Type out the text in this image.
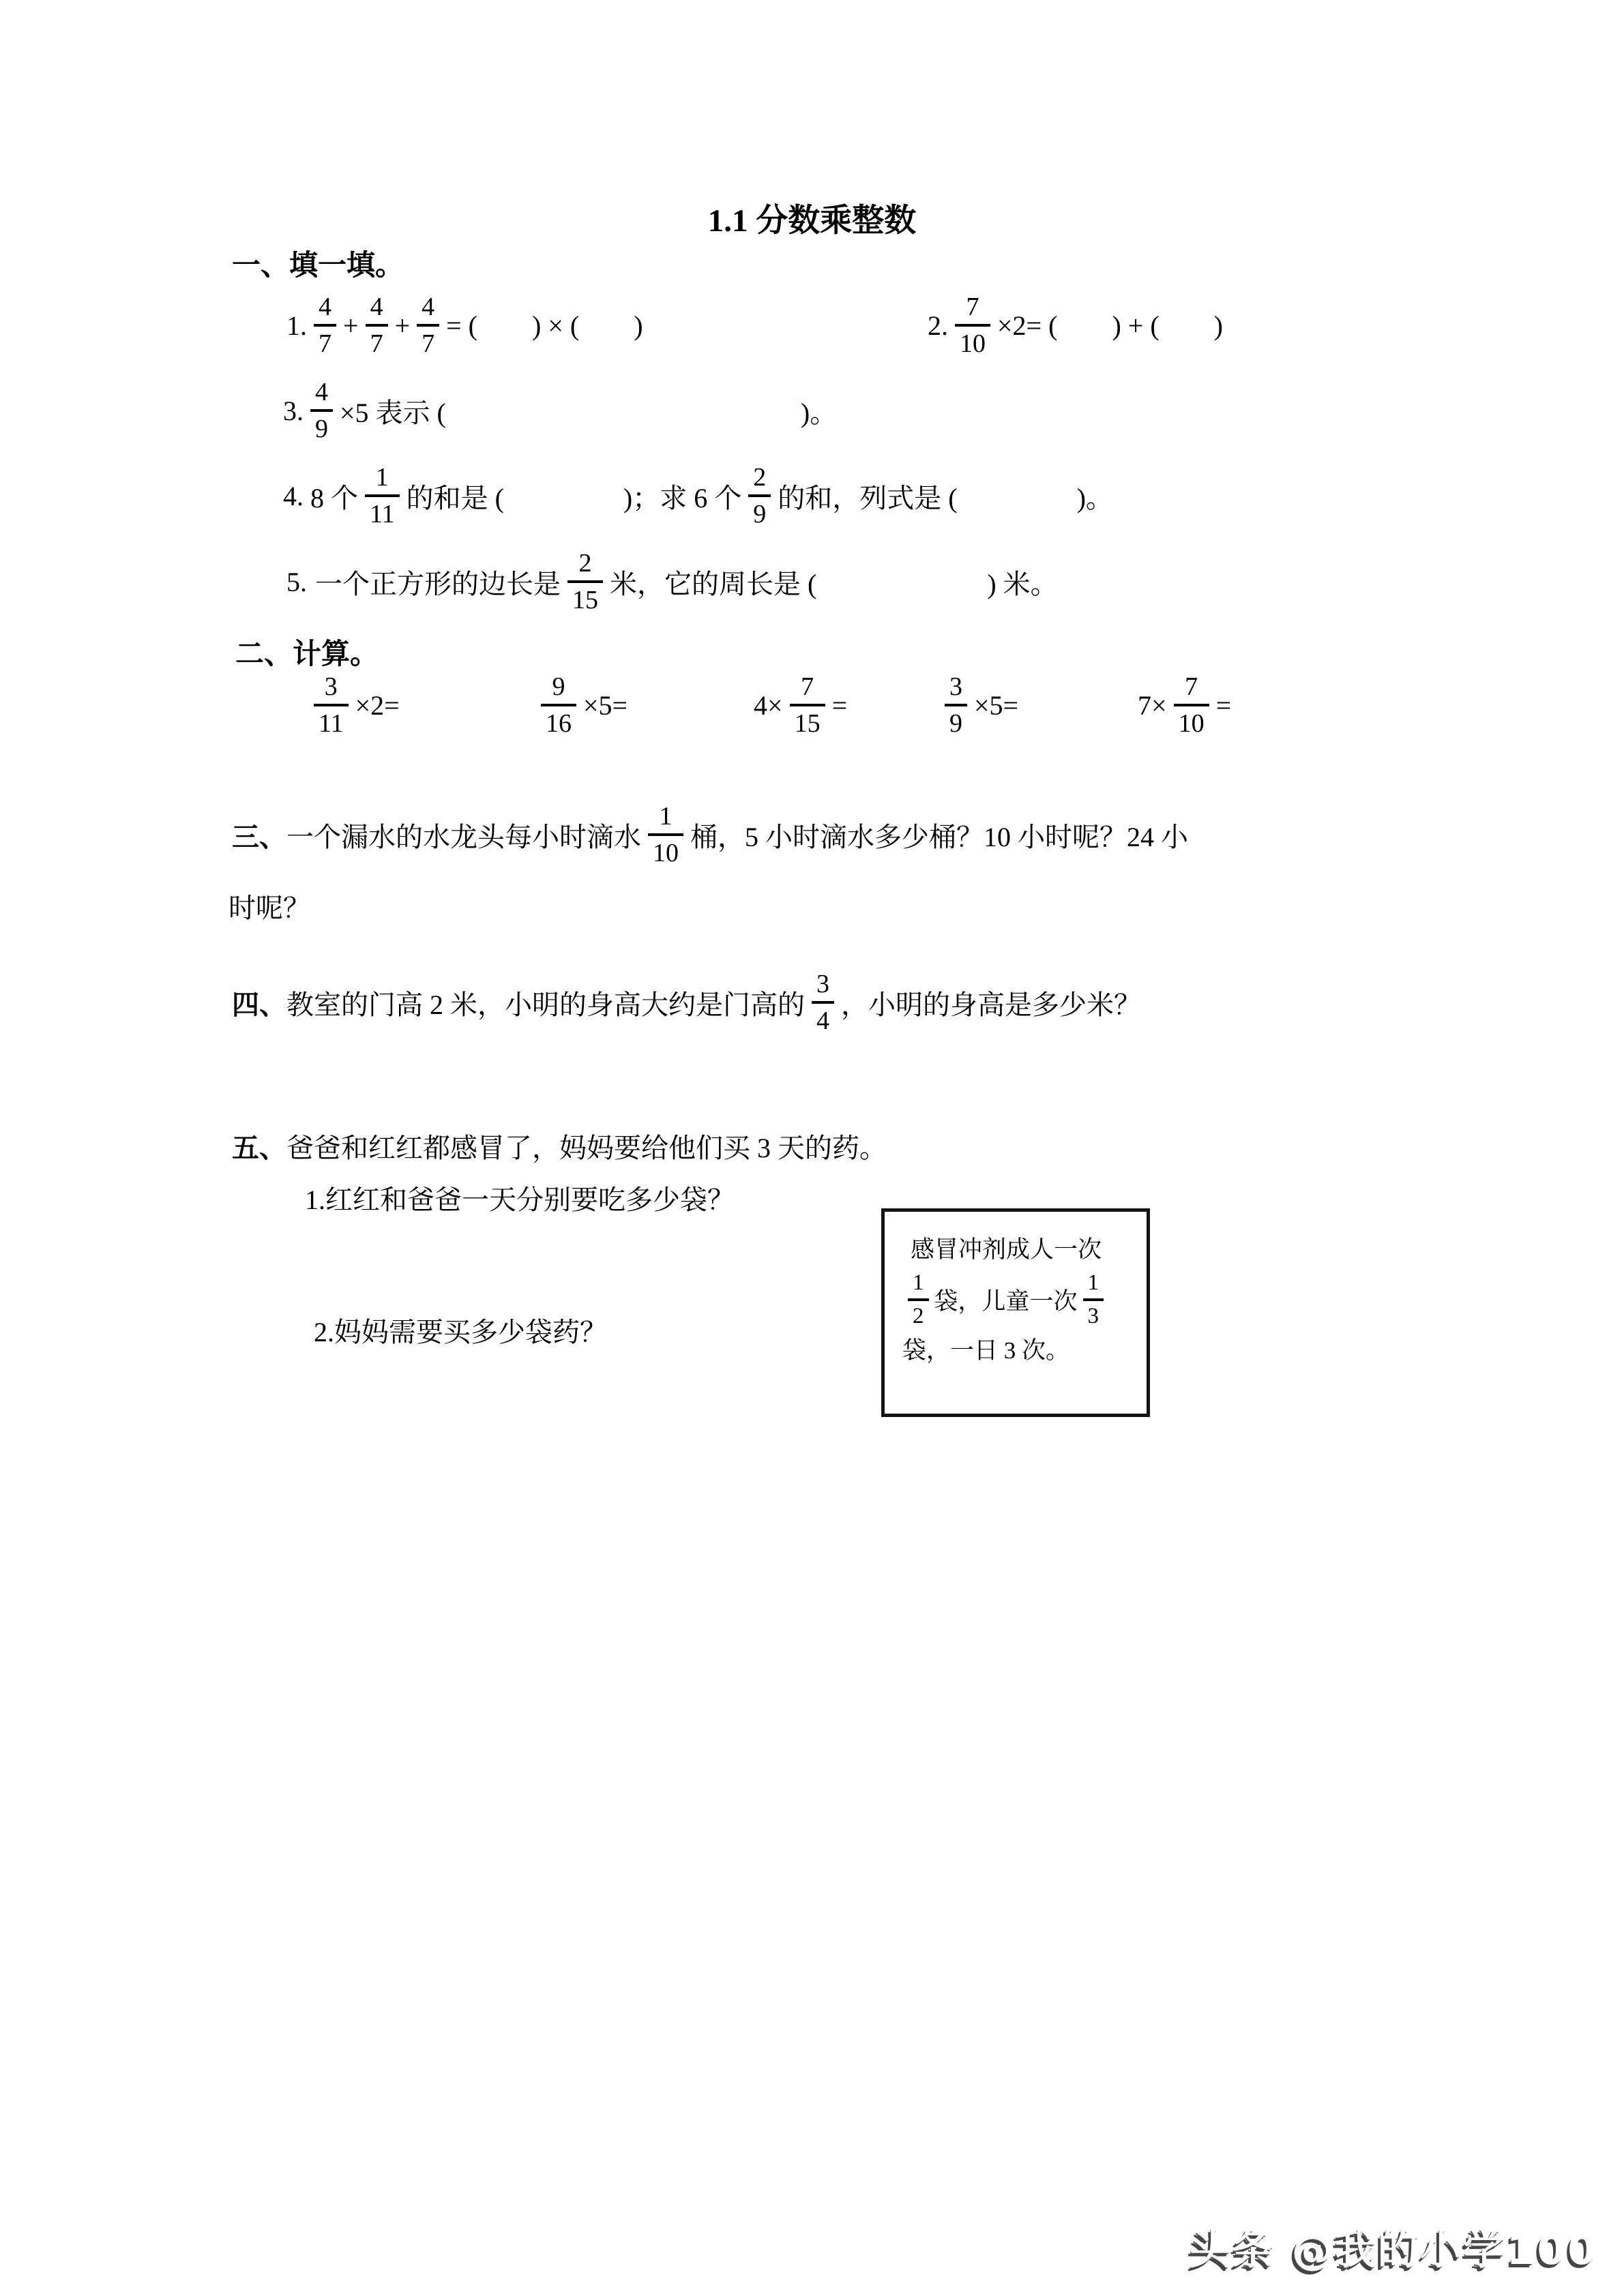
1.1 分数乘整数
一、填一填。
1. $\frac{4}{7} + \frac{4}{7} + \frac{4}{7}$ = (        ) × (        )	2. $\frac{7}{10} \times 2=$ (        ) + (        )
3. $\frac{4}{9} \times 5$ 表示 (	)。
4. 8 个 $\frac{1}{11}$ 的和是 (	)；求 6 个 $\frac{2}{9}$ 的和，列式是 (	)。
5. 一个正方形的边长是 $\frac{2}{15}$ 米，它的周长是 (	) 米。
二、计算。
$\frac{3}{11} \times 2=$	$\frac{9}{16} \times 5=$	$4\times \frac{7}{15}$ =	$\frac{3}{9} \times 5=$	$7\times \frac{7}{10}$ =
三、 一个漏水的水龙头每小时滴水 $\frac{1}{10}$ 桶，5 小时滴水多少桶？10 小时呢？24 小
时呢？
四、 教室的门高 2 米，小明的身高大约是门高的 $\frac{3}{4}$ ，小明的身高是多少米？
五、 爸爸和红红都感冒了，妈妈要给他们买 3 天的药。
1.红红和爸爸一天分别要吃多少袋？
2.妈妈需要买多少袋药？
感冒冲剂成人一次
$\frac{1}{2}$ 袋，儿童一次 $\frac{1}{3}$
袋，一日 3 次。
头条 @我的小学100
